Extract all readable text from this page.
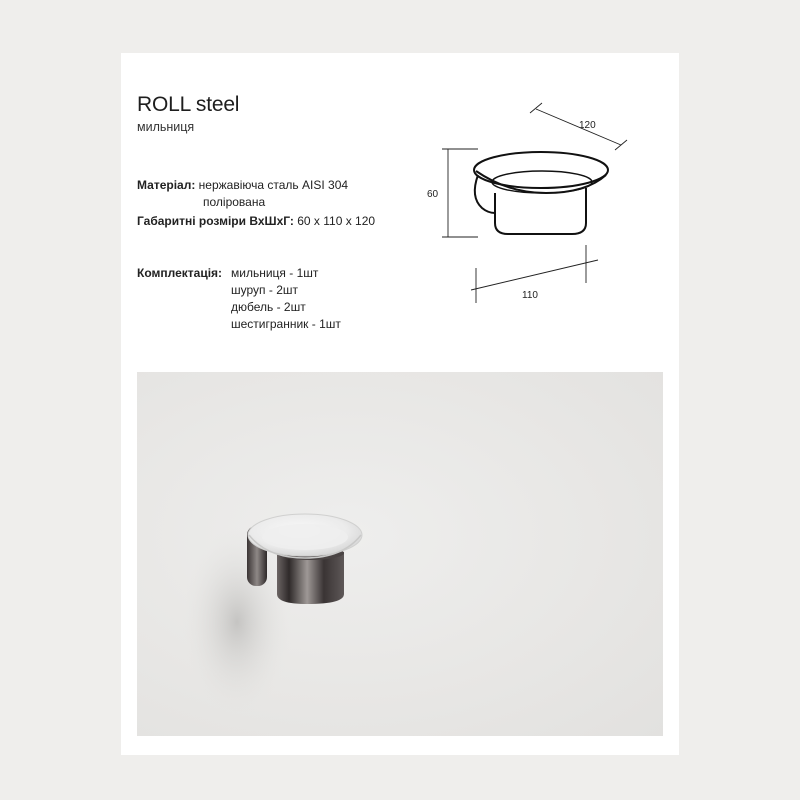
ROLL steel
мильниця
Матеріал: нержавіюча сталь AISI 304
полірована
Габаритні розміри ВхШхГ: 60 x 110 x 120
Комплектація: мильниця - 1шт
шуруп - 2шт
дюбель - 2шт
шестигранник - 1шт
120
60
110
